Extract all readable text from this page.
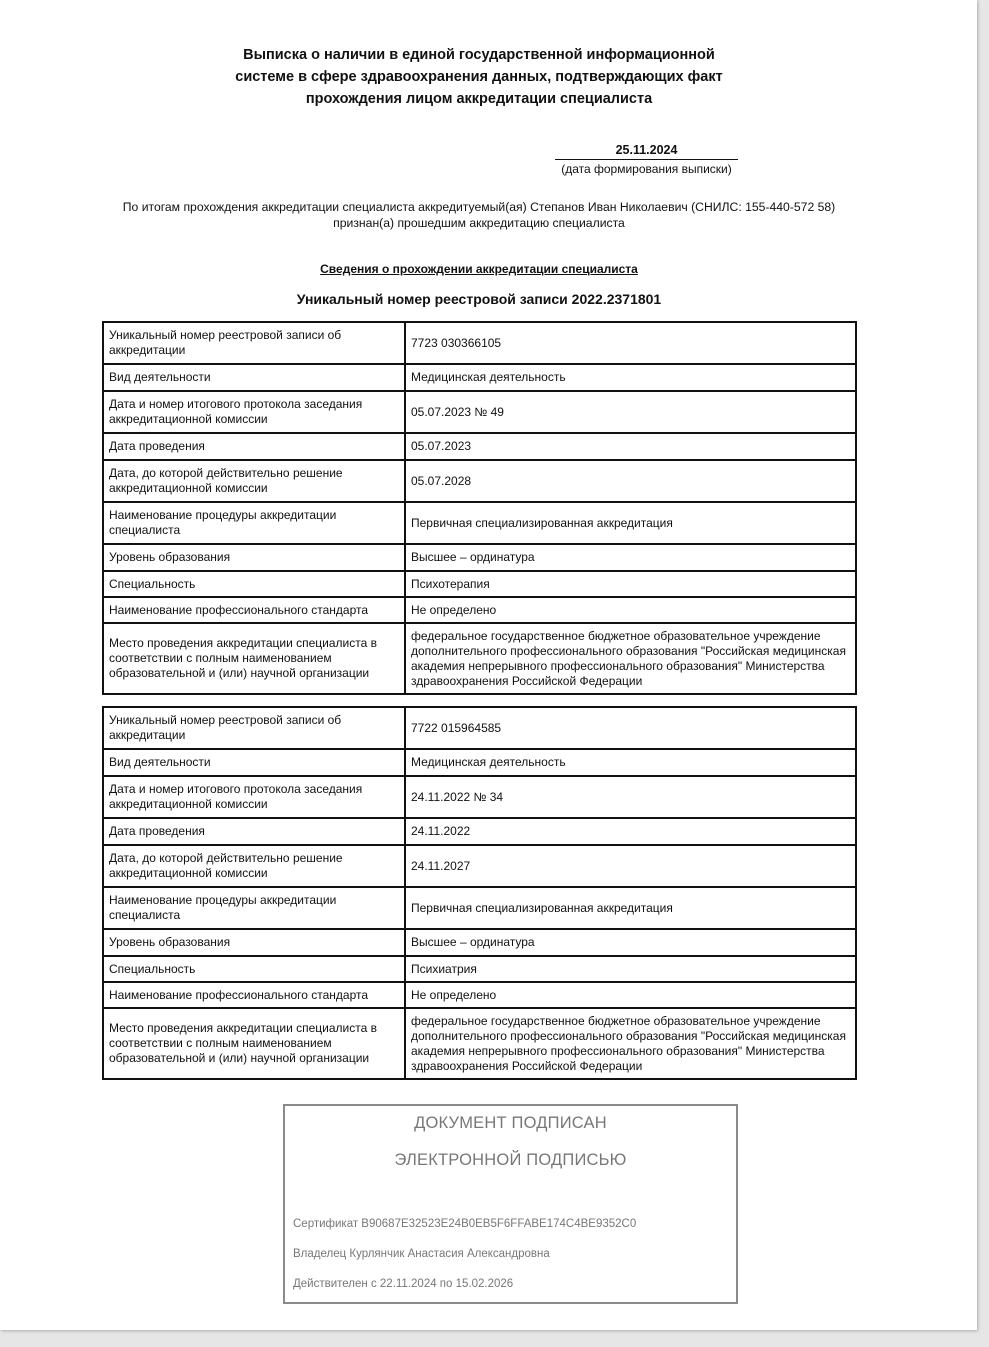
Выписка о наличии в единой государственной информационной
системе в сфере здравоохранения данных, подтверждающих факт
прохождения лицом аккредитации специалиста
25.11.2024
(дата формирования выписки)
По итогам прохождения аккредитации специалиста аккредитуемый(ая) Степанов Иван Николаевич (СНИЛС: 155-440-572 58)
признан(а) прошедшим аккредитацию специалиста
Сведения о прохождении аккредитации специалиста
Уникальный номер реестровой записи 2022.2371801
Уникальный номер реестровой записи об аккредитации	7723 030366105
Вид деятельности	Медицинская деятельность
Дата и номер итогового протокола заседания аккредитационной комиссии	05.07.2023 № 49
Дата проведения	05.07.2023
Дата, до которой действительно решение аккредитационной комиссии	05.07.2028
Наименование процедуры аккредитации специалиста	Первичная специализированная аккредитация
Уровень образования	Высшее – ординатура
Специальность	Психотерапия
Наименование профессионального стандарта	Не определено
Место проведения аккредитации специалиста в соответствии с полным наименованием образовательной и (или) научной организации	федеральное государственное бюджетное образовательное учреждение дополнительного профессионального образования "Российская медицинская академия непрерывного профессионального образования" Министерства здравоохранения Российской Федерации
Уникальный номер реестровой записи об аккредитации	7722 015964585
Вид деятельности	Медицинская деятельность
Дата и номер итогового протокола заседания аккредитационной комиссии	24.11.2022 № 34
Дата проведения	24.11.2022
Дата, до которой действительно решение аккредитационной комиссии	24.11.2027
Наименование процедуры аккредитации специалиста	Первичная специализированная аккредитация
Уровень образования	Высшее – ординатура
Специальность	Психиатрия
Наименование профессионального стандарта	Не определено
Место проведения аккредитации специалиста в соответствии с полным наименованием образовательной и (или) научной организации	федеральное государственное бюджетное образовательное учреждение дополнительного профессионального образования "Российская медицинская академия непрерывного профессионального образования" Министерства здравоохранения Российской Федерации
ДОКУМЕНТ ПОДПИСАН
ЭЛЕКТРОННОЙ ПОДПИСЬЮ
Сертификат B90687E32523E24B0EB5F6FFABE174C4BE9352C0
Владелец Курлянчик Анастасия Александровна
Действителен с 22.11.2024 по 15.02.2026
